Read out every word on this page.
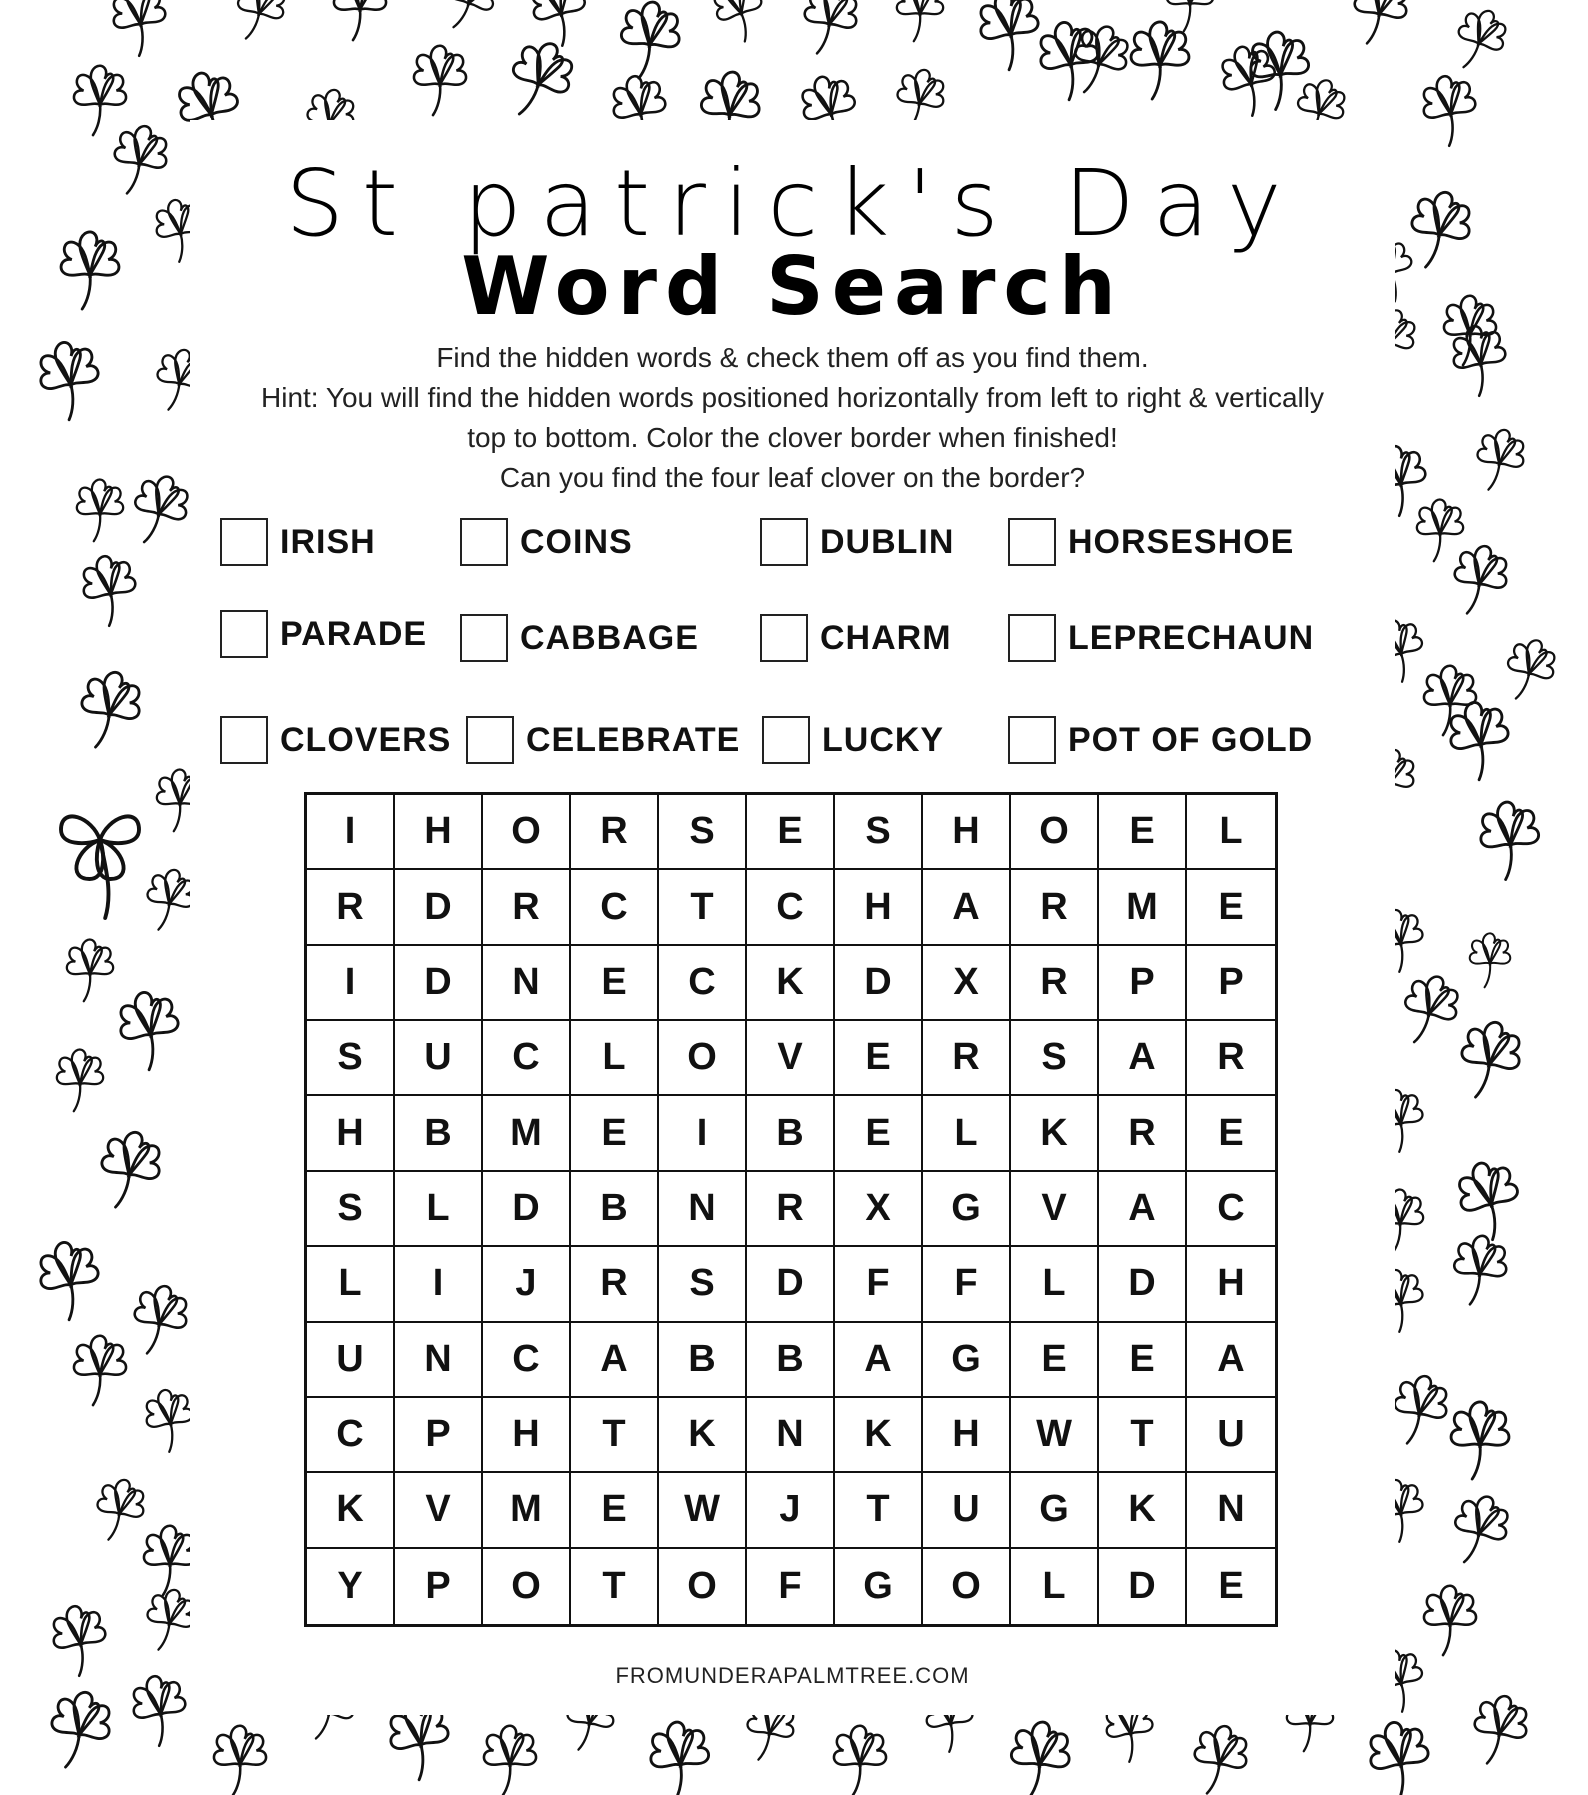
St patrick's Day
Word Search
Find the hidden words & check them off as you find them.
Hint: You will find the hidden words positioned horizontally from left to right & vertically
top to bottom. Color the clover border when finished!
Can you find the four leaf clover on the border?
IRISH	COINS	DUBLIN	HORSESHOE
PARADE	CABBAGE	CHARM	LEPRECHAUN
CLOVERS CELEBRATE LUCKY	POT OF GOLD
I	H	O	R	S	E	S	H	O	E	L
R	D	R	C	T	C	H	A	R	M	E
I	D	N	E	C	K	D	X	R	P	P
S	U	C	L	O	V	E	R	S	A	R
H	B	M	E	I	B	E	L	K	R	E
S	L	D	B	N	R	X	G	V	A	C
L	I	J	R	S	D	F	F	L	D	H
U	N	C	A	B	B	A	G	E	E	A
C	P	H	T	K	N	K	H	W	T	U
K	V	M	E	W	J	T	U	G	K	N
Y	P	O	T	O	F	G	O	L	D	E
FROMUNDERAPALMTREE.COM
